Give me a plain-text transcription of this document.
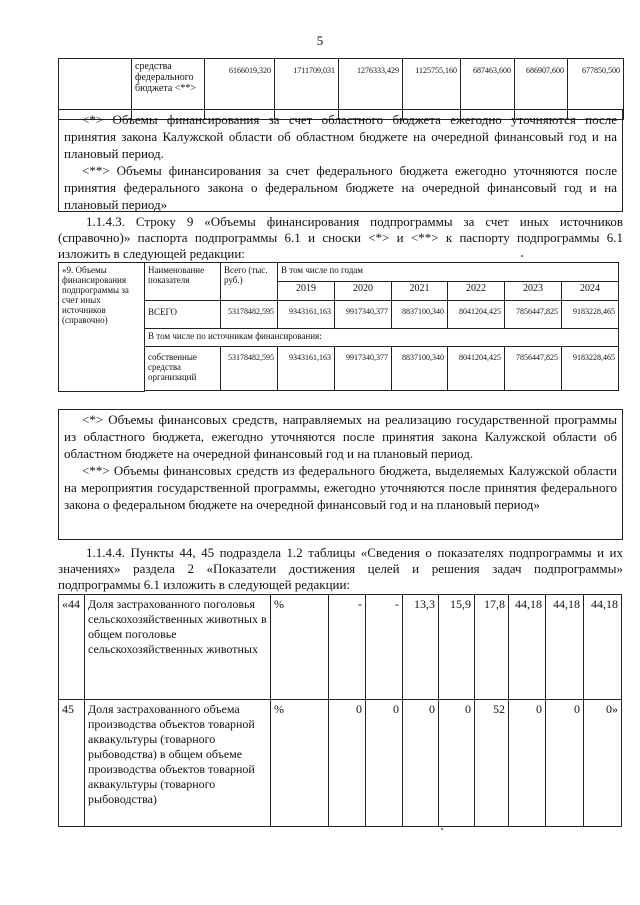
5
	средства федерального бюджета <**>	6166019,320	1711709,031	1276333,429	1125755,160	687463,600	686907,600	677850,500

<*> Объемы финансирования за счет областного бюджета ежегодно уточняются после принятия закона Калужской области об областном бюджете на очередной финансовый год и на плановый период.

<**> Объемы финансирования за счет федерального бюджета ежегодно уточняются после принятия федерального закона о федеральном бюджете на очередной финансовый год и на плановый период»

1.1.4.3. Строку 9 «Объемы финансирования подпрограммы за счет иных источников (справочно)» паспорта подпрограммы 6.1 и сноски <*> и <**> к паспорту подпрограммы 6.1 изложить в следующей редакции:

«9. Объемы финансирования подпрограммы за счет иных источников (справочно)	Наименование показателя	Всего (тыс. руб.)	В том числе по годам					
			2019	2020	2021	2022	2023	2024
	ВСЕГО	53178482,595	9343161,163	9917340,377	8837100,340	8041204,425	7856447,825	9183228,465
	В том числе по источникам финансирования:							
	собственные средства организаций	53178482,595	9343161,163	9917340,377	8837100,340	8041204,425	7856447,825	9183228,465

<*> Объемы финансовых средств, направляемых на реализацию государственной программы из областного бюджета, ежегодно уточняются после принятия закона Калужской области об областном бюджете на очередной финансовый год и на плановый период.

<**> Объемы финансовых средств из федерального бюджета, выделяемых Калужской области на мероприятия государственной программы, ежегодно уточняются после принятия федерального закона о федеральном бюджете на очередной финансовый год и на плановый период»

1.1.4.4. Пункты 44, 45 подраздела 1.2 таблицы «Сведения о показателях подпрограммы и их значениях» раздела 2 «Показатели достижения целей и решения задач подпрограммы» подпрограммы 6.1 изложить в следующей редакции:

«44	Доля застрахованного поголовья сельскохозяйственных животных в общем поголовье сельскохозяйственных животных	%	-	-	13,3	15,9	17,8	44,18	44,18	44,18
45	Доля застрахованного объема производства объектов товарной аквакультуры (товарного рыбоводства) в общем объеме производства объектов товарной аквакультуры (товарного рыбоводства)	%	0	0	0	0	52	0	0	0»
